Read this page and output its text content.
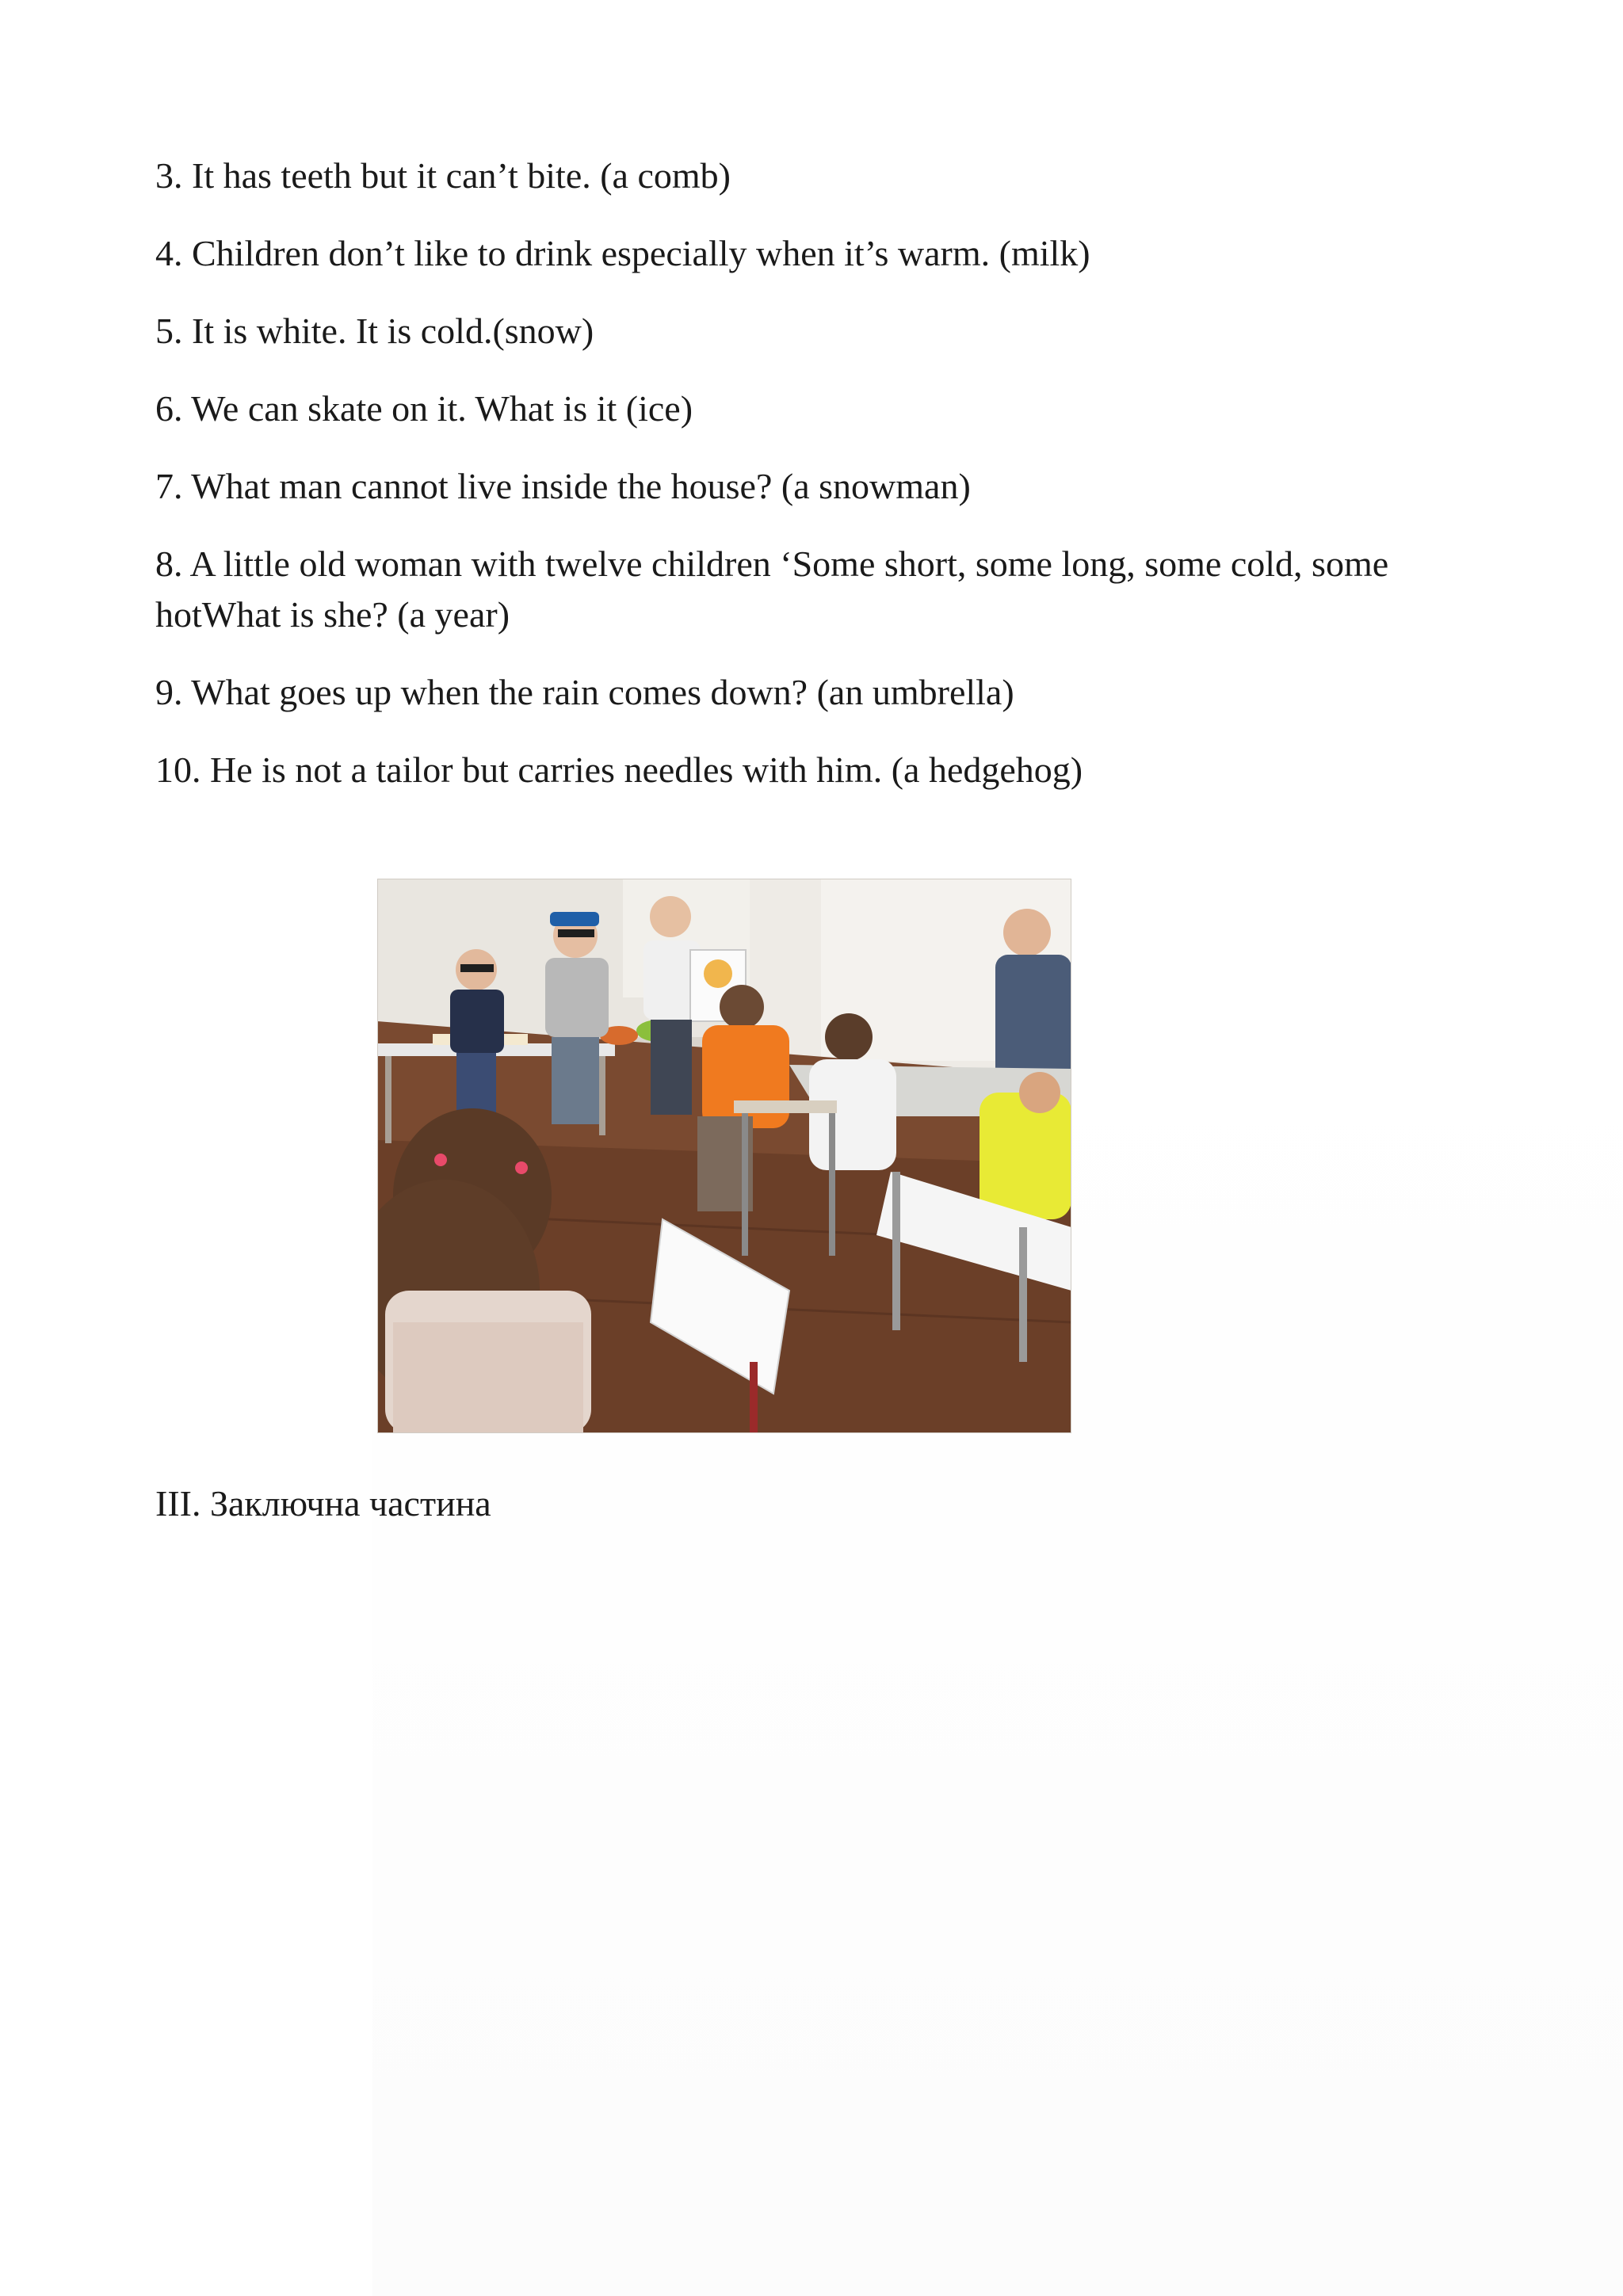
3. It has teeth but it can’t bite. (a comb)
4. Children don’t like to drink especially when it’s warm. (milk)
5. It is white. It is cold.(snow)
6. We can skate on it. What is it (ice)
7. What man cannot live inside the house? (a snowman)
8. A little old woman with twelve children ‘Some short, some long, some cold, some hotWhat is she? (a year)
9. What goes up when the rain comes down? (an umbrella)
10. He is not a tailor but carries needles with him. (a hedgehog)
III. Заключна частина
